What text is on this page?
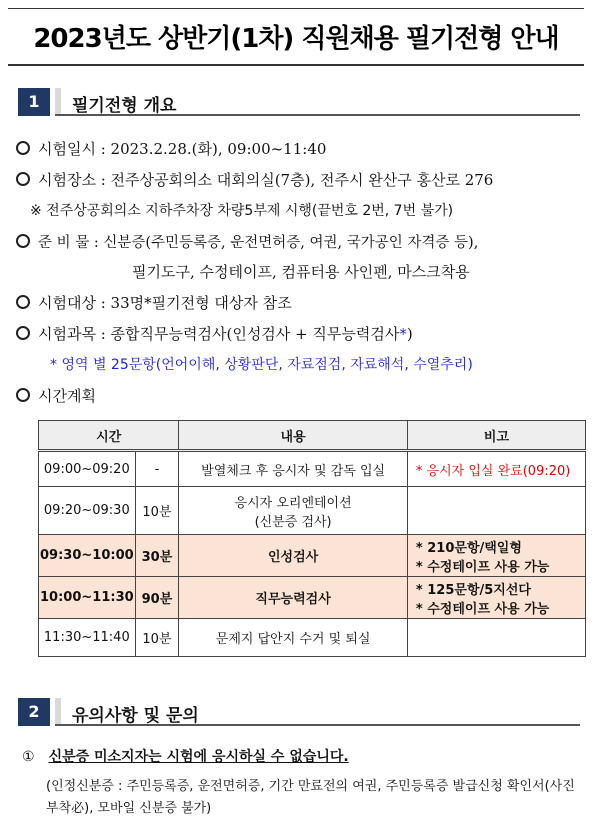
2023년도 상반기(1차) 직원채용 필기전형 안내
1	필기전형 개요
시험일시 : 2023.2.28.(화), 09:00~11:40
시험장소 : 전주상공회의소 대회의실(7층), 전주시 완산구 홍산로 276
※ 전주상공회의소 지하주차장 차량5부제 시행(끝번호 2번, 7번 불가)
준 비 물 : 신분증(주민등록증, 운전면허증, 여권, 국가공인 자격증 등),
필기도구, 수정테이프, 컴퓨터용 사인펜, 마스크착용
시험대상 : 33명*필기전형 대상자 참조
시험과목 : 종합직무능력검사(인성검사 + 직무능력검사*)
* 영역 별 25문항(언어이해, 상황판단, 자료점검, 자료해석, 수열추리)
시간계획
시간		내용	비고
09:00~09:20	-	발열체크 후 응시자 및 감독 입실	* 응시자 입실 완료(09:20)
09:20~09:30	10분	응시자 오리엔테이션
(신분증 검사)	

09:30~10:00	30분	인성검사	* 210문항/택일형
* 수정테이프 사용 가능

10:00~11:30	90분	직무능력검사	* 125문항/5지선다
* 수정테이프 사용 가능

11:30~11:40	10분	문제지 답안지 수거 및 퇴실	
2	유의사항 및 문의
① 신분증 미소지자는 시험에 응시하실 수 없습니다.
(인정신분증 : 주민등록증, 운전면허증, 기간 만료전의 여권, 주민등록증 발급신청 확인서(사진부착必), 모바일 신분증 불가)
